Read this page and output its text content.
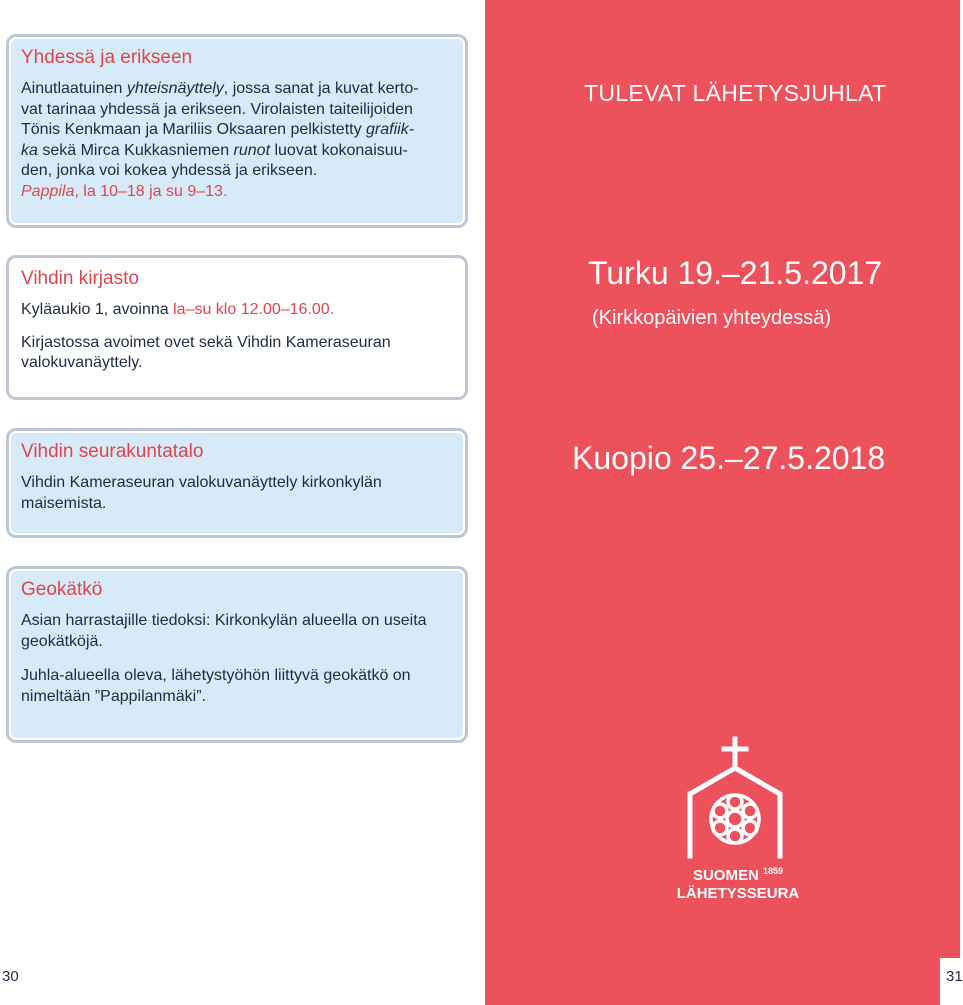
Yhdessä ja erikseen

Ainutlaatuinen yhteisnäyttely, jossa sanat ja kuvat kerto-
vat tarinaa yhdessä ja erikseen. Virolaisten taiteilijoiden
Tönis Kenkmaan ja Mariliis Oksaaren pelkistetty grafiik-
ka sekä Mirca Kukkasniemen runot luovat kokonaisuu-
den, jonka voi kokea yhdessä ja erikseen.
Pappila, la 10–18 ja su 9–13.

Vihdin kirjasto

Kyläaukio 1, avoinna la–su klo 12.00–16.00.

Kirjastossa avoimet ovet sekä Vihdin Kameraseuran valokuvanäyttely.

Vihdin seurakuntatalo

Vihdin Kameraseuran valokuvanäyttely kirkonkylän maisemista.

Geokätkö

Asian harrastajille tiedoksi: Kirkonkylän alueella on useita geokätköjä.

Juhla-alueella oleva, lähetystyöhön liittyvä geokätkö on nimeltään ”Pappilanmäki”.

30
TULEVAT LÄHETYSJUHLAT
Turku 19.–21.5.2017
(Kirkkopäivien yhteydessä)
Kuopio 25.–27.5.2018
SUOMEN $^{1859}$
LÄHETYSSEURA
31
